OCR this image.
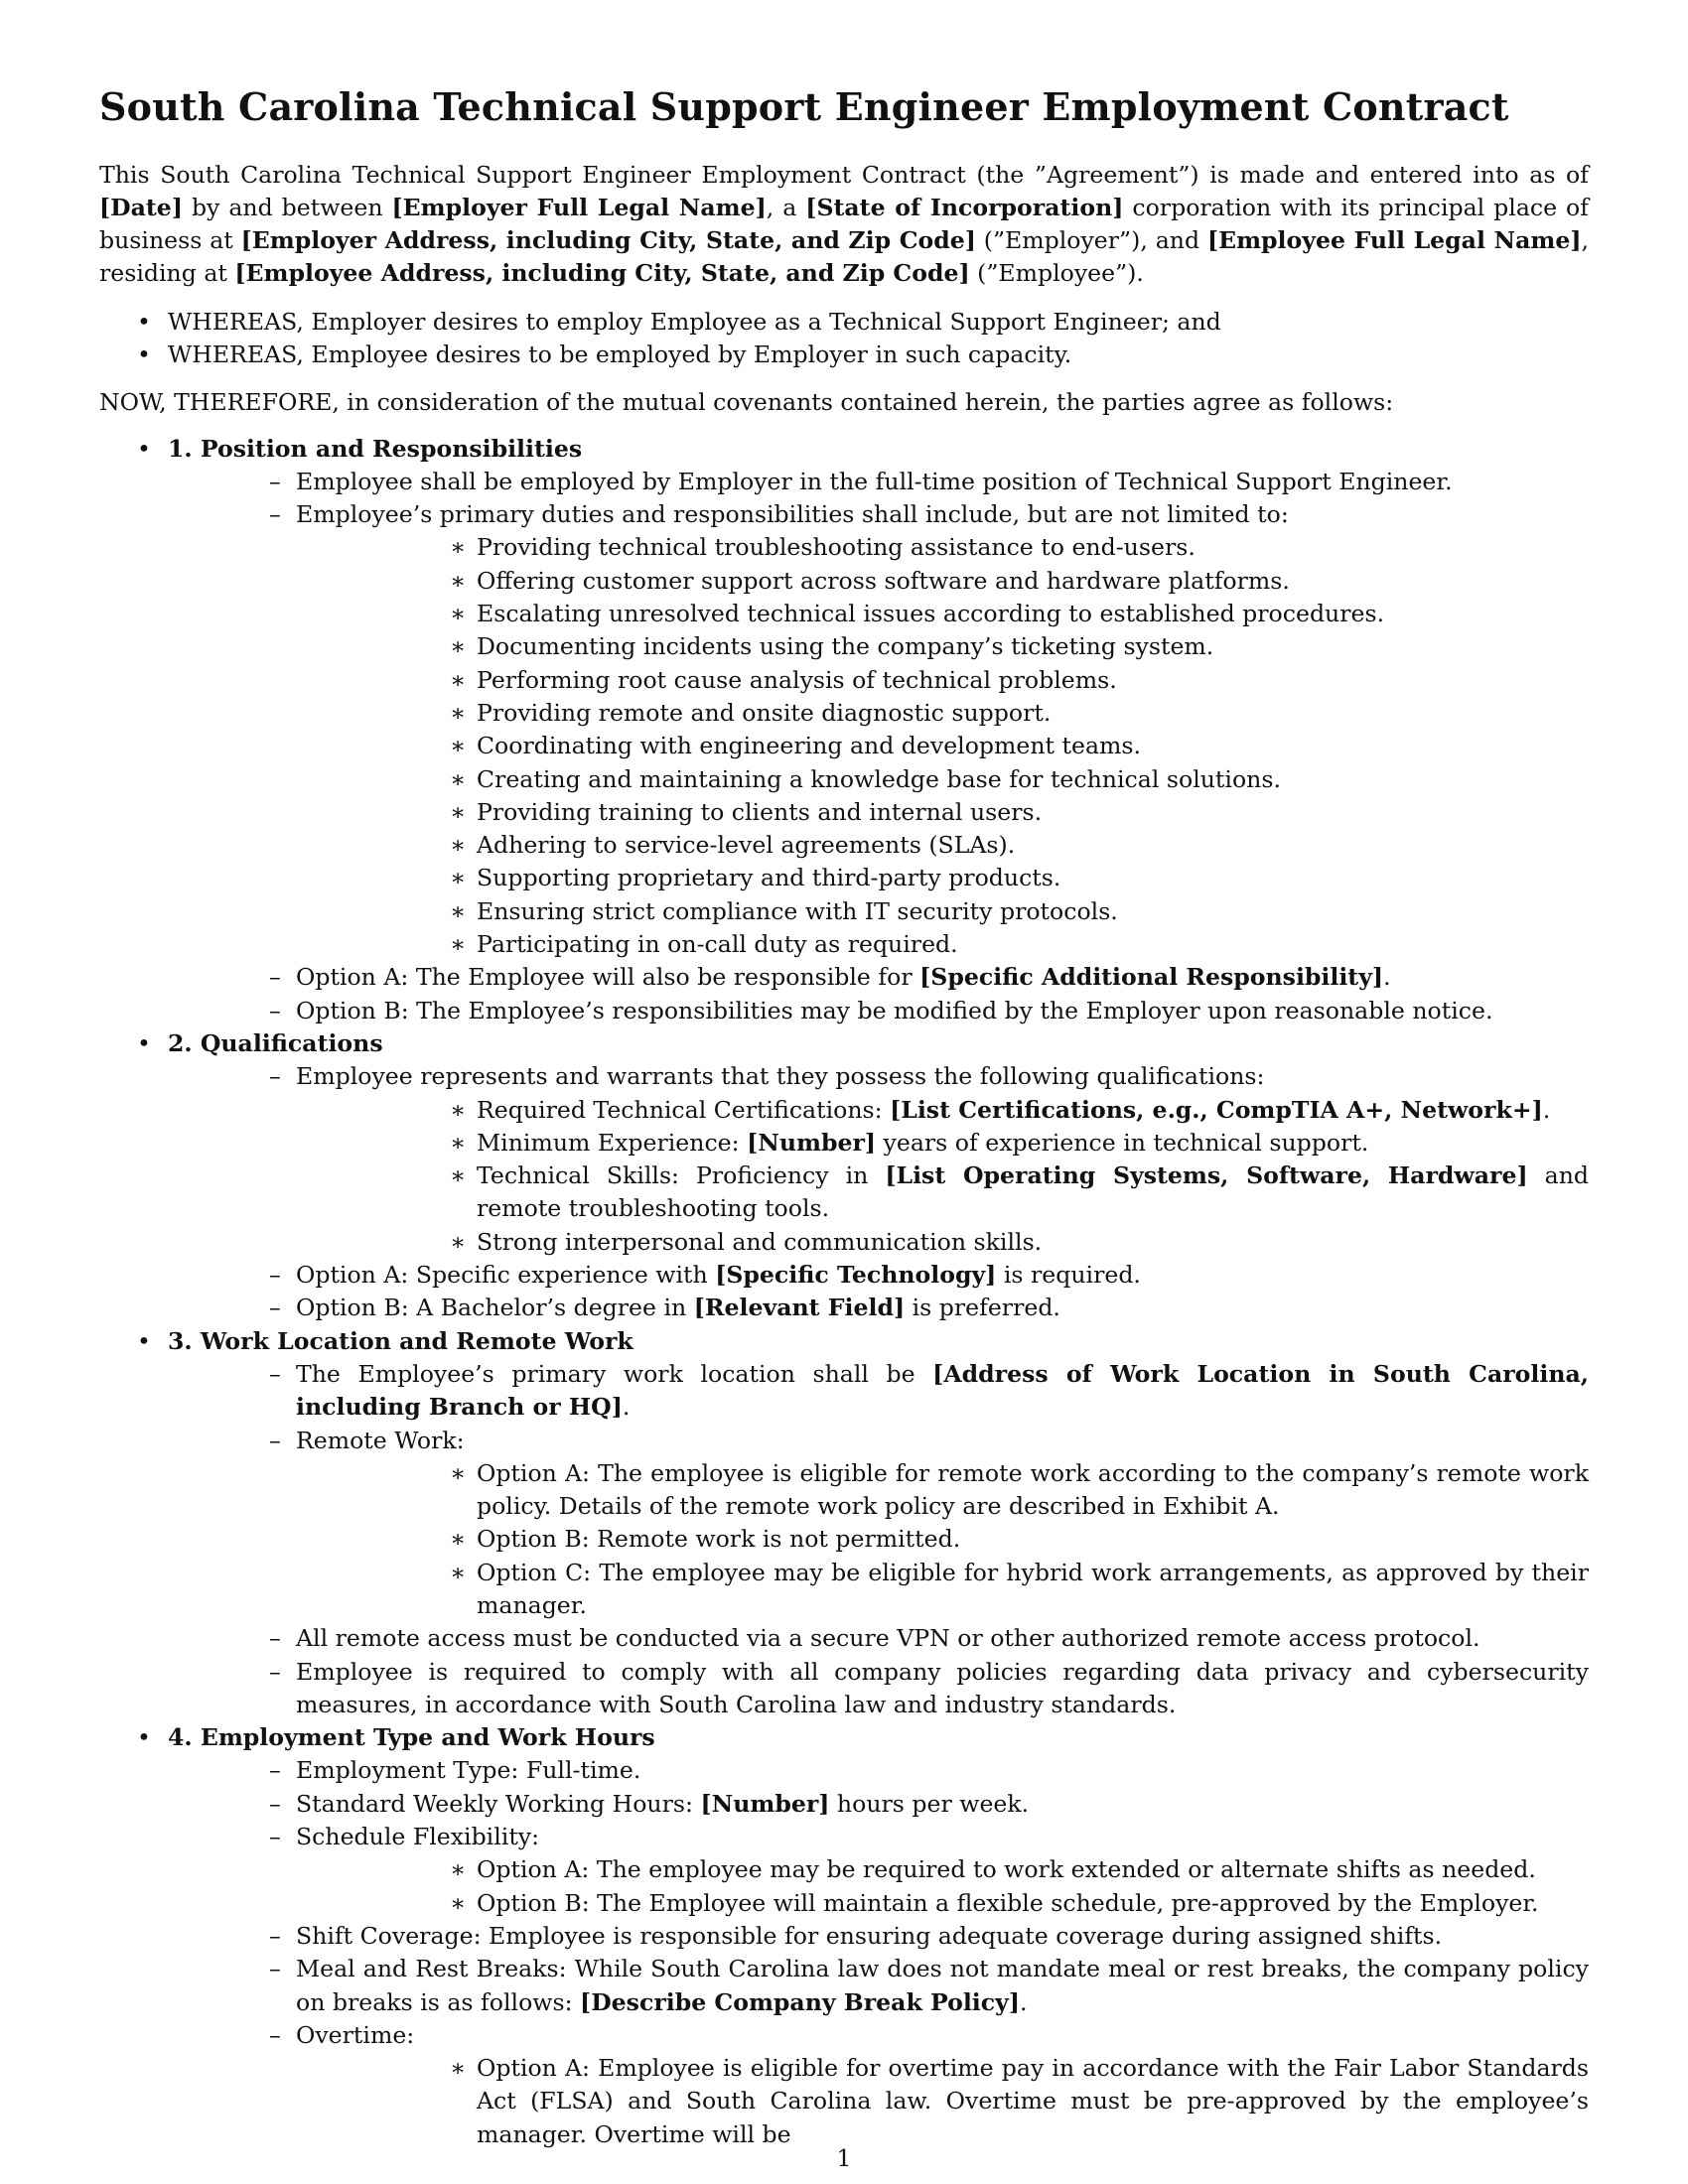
South Carolina Technical Support Engineer Employment Contract

This South Carolina Technical Support Engineer Employment Contract (the ”Agreement”) is made and entered into as of [Date] by and between [Employer Full Legal Name], a [State of Incorporation] corporation with its principal place of business at [Employer Address, including City, State, and Zip Code] (”Employer”), and [Employee Full Legal Name], residing at [Employee Address, including City, State, and Zip Code] (”Employee”).

• WHEREAS, Employer desires to employ Employee as a Technical Support Engineer; and
• WHEREAS, Employee desires to be employed by Employer in such capacity.

NOW, THEREFORE, in consideration of the mutual covenants contained herein, the parties agree as follows:

• 1. Position and Responsibilities
– Employee shall be employed by Employer in the full-time position of Technical Support Engineer.
– Employee’s primary duties and responsibilities shall include, but are not limited to:
∗ Providing technical troubleshooting assistance to end-users.
∗ Offering customer support across software and hardware platforms.
∗ Escalating unresolved technical issues according to established procedures.
∗ Documenting incidents using the company’s ticketing system.
∗ Performing root cause analysis of technical problems.
∗ Providing remote and onsite diagnostic support.
∗ Coordinating with engineering and development teams.
∗ Creating and maintaining a knowledge base for technical solutions.
∗ Providing training to clients and internal users.
∗ Adhering to service-level agreements (SLAs).
∗ Supporting proprietary and third-party products.
∗ Ensuring strict compliance with IT security protocols.
∗ Participating in on-call duty as required.
– Option A: The Employee will also be responsible for [Specific Additional Responsibility].
– Option B: The Employee’s responsibilities may be modified by the Employer upon reasonable notice.
• 2. Qualifications
– Employee represents and warrants that they possess the following qualifications:
∗ Required Technical Certifications: [List Certifications, e.g., CompTIA A+, Network+].
∗ Minimum Experience: [Number] years of experience in technical support.
∗ Technical Skills: Proficiency in [List Operating Systems, Software, Hardware] and remote troubleshooting tools.
∗ Strong interpersonal and communication skills.
– Option A: Specific experience with [Specific Technology] is required.
– Option B: A Bachelor’s degree in [Relevant Field] is preferred.
• 3. Work Location and Remote Work
– The Employee’s primary work location shall be [Address of Work Location in South Carolina, including Branch or HQ].
– Remote Work:
∗ Option A: The employee is eligible for remote work according to the company’s remote work policy. Details of the remote work policy are described in Exhibit A.
∗ Option B: Remote work is not permitted.
∗ Option C: The employee may be eligible for hybrid work arrangements, as approved by their manager.
– All remote access must be conducted via a secure VPN or other authorized remote access protocol.
– Employee is required to comply with all company policies regarding data privacy and cybersecurity measures, in accordance with South Carolina law and industry standards.
• 4. Employment Type and Work Hours
– Employment Type: Full-time.
– Standard Weekly Working Hours: [Number] hours per week.
– Schedule Flexibility:
∗ Option A: The employee may be required to work extended or alternate shifts as needed.
∗ Option B: The Employee will maintain a flexible schedule, pre-approved by the Employer.
– Shift Coverage: Employee is responsible for ensuring adequate coverage during assigned shifts.
– Meal and Rest Breaks: While South Carolina law does not mandate meal or rest breaks, the company policy on breaks is as follows: [Describe Company Break Policy].
– Overtime:
∗ Option A: Employee is eligible for overtime pay in accordance with the Fair Labor Standards Act (FLSA) and South Carolina law. Overtime must be pre-approved by the employee’s manager. Overtime will be
1
